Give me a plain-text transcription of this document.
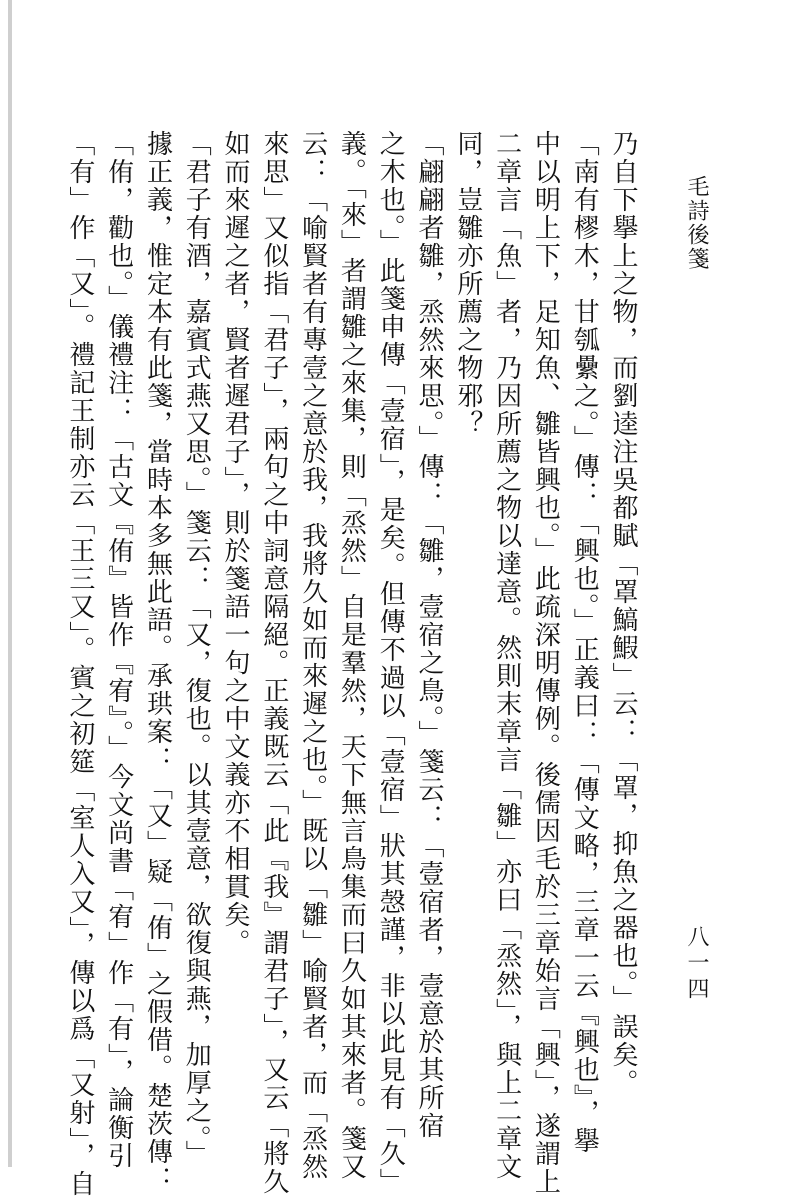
毛詩後箋
八一四
乃自下擧上之物，而劉逵注吳都賦「罩鰝鰕」云：「罩，抑魚之器也。」誤矣。
「南有樛木，甘瓠纍之。」傳：「興也。」正義曰：「傳文略，三章一云『興也』，擧
中以明上下，足知魚、雛皆興也。」此疏深明傳例。後儒因毛於三章始言「興」，遂謂上
二章言「魚」者，乃因所薦之物以達意。然則末章言「雛」亦曰「烝然」，與上二章文
同，豈雛亦所薦之物邪？
「翩翩者雛，烝然來思。」傳：「雛，壹宿之鳥。」箋云：「壹宿者，壹意於其所宿
之木也。」此箋申傳「壹宿」，是矣。但傳不過以「壹宿」狀其愨謹，非以此見有「久」
義。「來」者謂雛之來集，則「烝然」自是羣然，天下無言鳥集而曰久如其來者。箋又
云：「喻賢者有專壹之意於我，我將久如而來遲之也。」既以「雛」喻賢者，而「烝然
來思」又似指「君子」，兩句之中詞意隔絕。正義既云「此『我』謂君子」，又云「將久
如而來遲之者，賢者遲君子」，則於箋語一句之中文義亦不相貫矣。
「君子有酒，嘉賓式燕又思。」箋云：「又，復也。以其壹意，欲復與燕，加厚之。」
據正義，惟定本有此箋，當時本多無此語。承珙案：「又」疑「侑」之假借。楚茨傳：
「侑，勸也。」儀禮注：「古文『侑』皆作『宥』。」今文尚書「宥」作「有」，論衡引
「有」作「又」。禮記王制亦云「王三又」。賓之初筵「室人入又」，傳以爲「又射」，自
